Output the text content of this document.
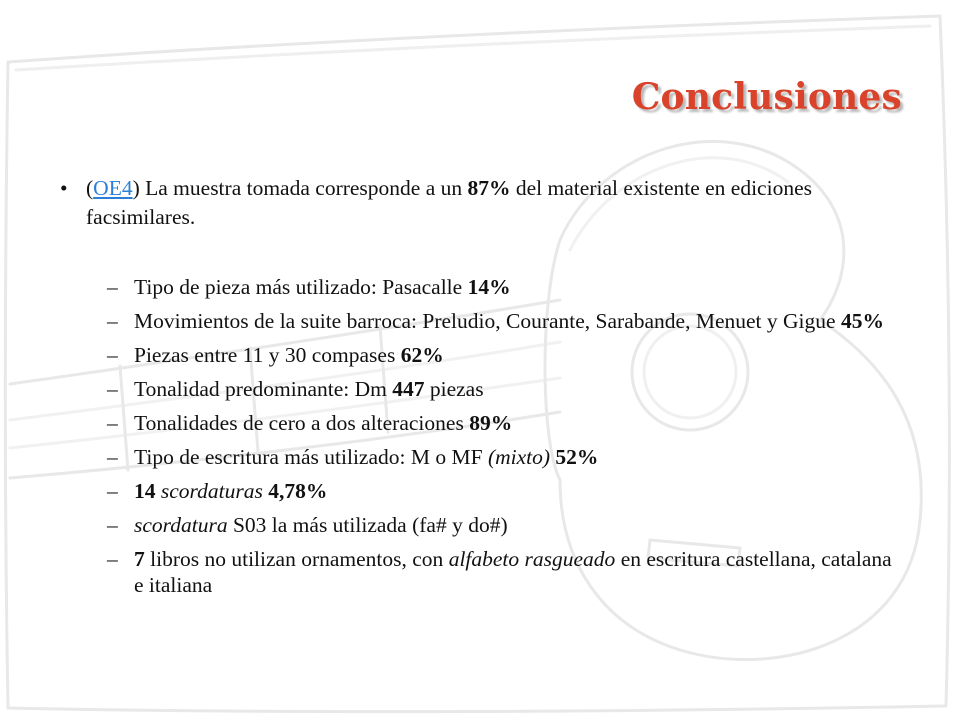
Conclusiones
• (OE4) La muestra tomada corresponde a un 87% del material existente en ediciones facsimilares.
– Tipo de pieza más utilizado: Pasacalle 14%
– Movimientos de la suite barroca: Preludio, Courante, Sarabande, Menuet y Gigue 45%
– Piezas entre 11 y 30 compases 62%
– Tonalidad predominante: Dm 447 piezas
– Tonalidades de cero a dos alteraciones 89%
– Tipo de escritura más utilizado: M o MF (mixto) 52%
– 14 scordaturas 4,78%
– scordatura S03 la más utilizada (fa# y do#)
– 7 libros no utilizan ornamentos, con alfabeto rasgueado en escritura castellana, catalana e italiana
